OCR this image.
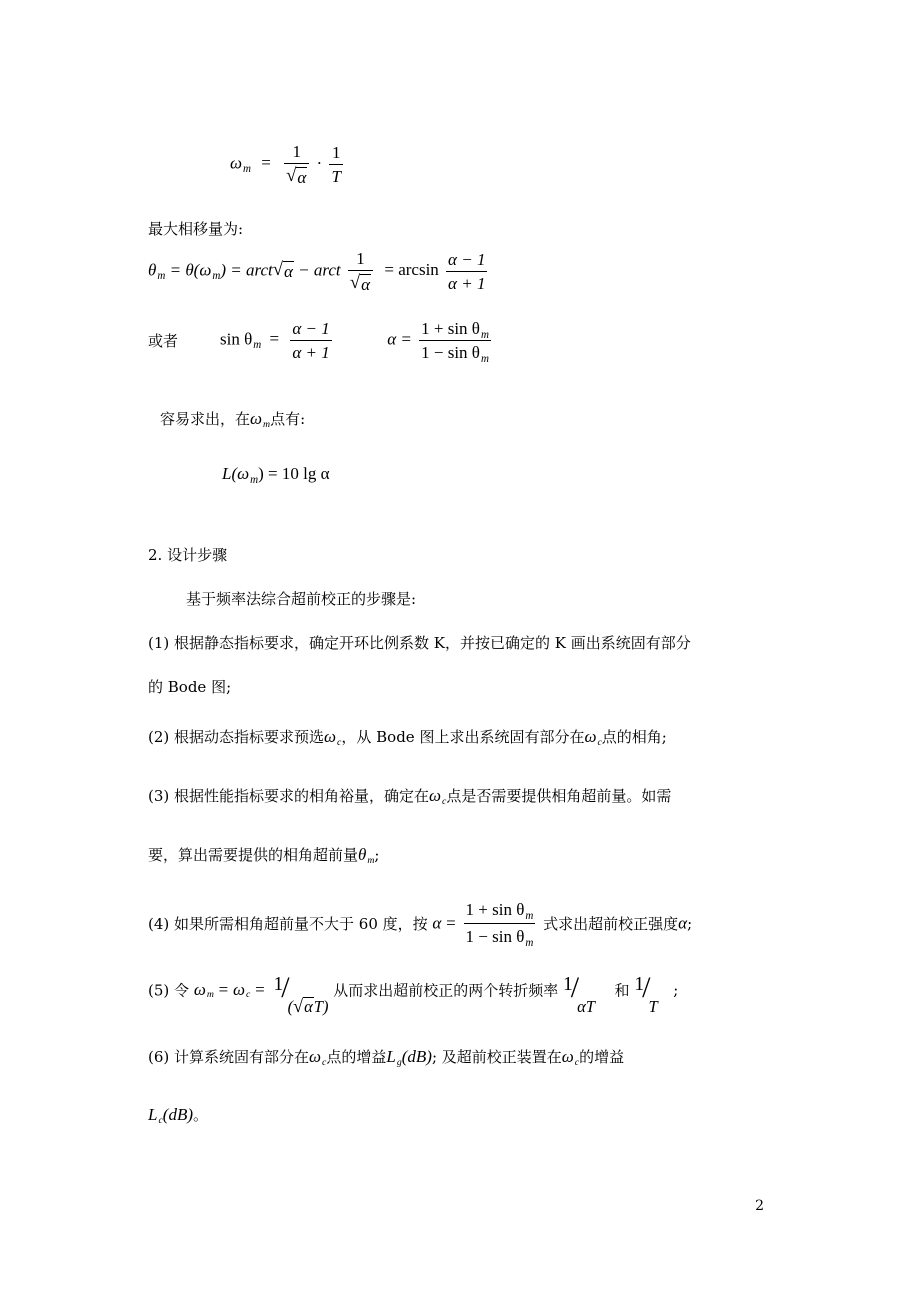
$\omega_m = \frac{1}{√ \alpha} \cdot \frac{1}{T}$
最大相移量为:
$\theta_m = \theta(\omega_m)$ = arct √ α − arct $\frac{1}{√ \alpha} = \arcsin \frac{\alpha - 1}{\alpha + 1}$
或者 $\sin \theta_m = \frac{\alpha - 1}{\alpha + 1}$	$\alpha = \frac{1 + \sin \theta_m}{1 - \sin \theta_m}$
容易求出，在$\omega_m$点有:
$L(\omega_m) = 10$ lg α
2. 设计步骤
基于频率法综合超前校正的步骤是:
(1) 根据静态指标要求，确定开环比例系数 K，并按已确定的 K 画出系统固有部分
的 Bode 图;
(2) 根据动态指标要求预选$\omega_c$，从 Bode 图上求出系统固有部分在$\omega_c$点的相角;
(3) 根据性能指标要求的相角裕量，确定在$\omega_c$点是否需要提供相角超前量。如需
要，算出需要提供的相角超前量$\theta_m$;
(4) 如果所需相角超前量不大于 60 度，按 $\alpha = \frac{1 + \sin \theta_m}{1 - \sin \theta_m}$ 式求出超前校正强度α;
(5) 令 $\omega_m = \omega_c = 1$
/
( √ α T)
从而求出超前校正的两个转折频率 1
/
αT
和 1
/
T
;
(6) 计算系统固有部分在$\omega_c$点的增益$L_g(dB)$; 及超前校正装置在$\omega_c$的增益
$L_c(dB)$。
2
